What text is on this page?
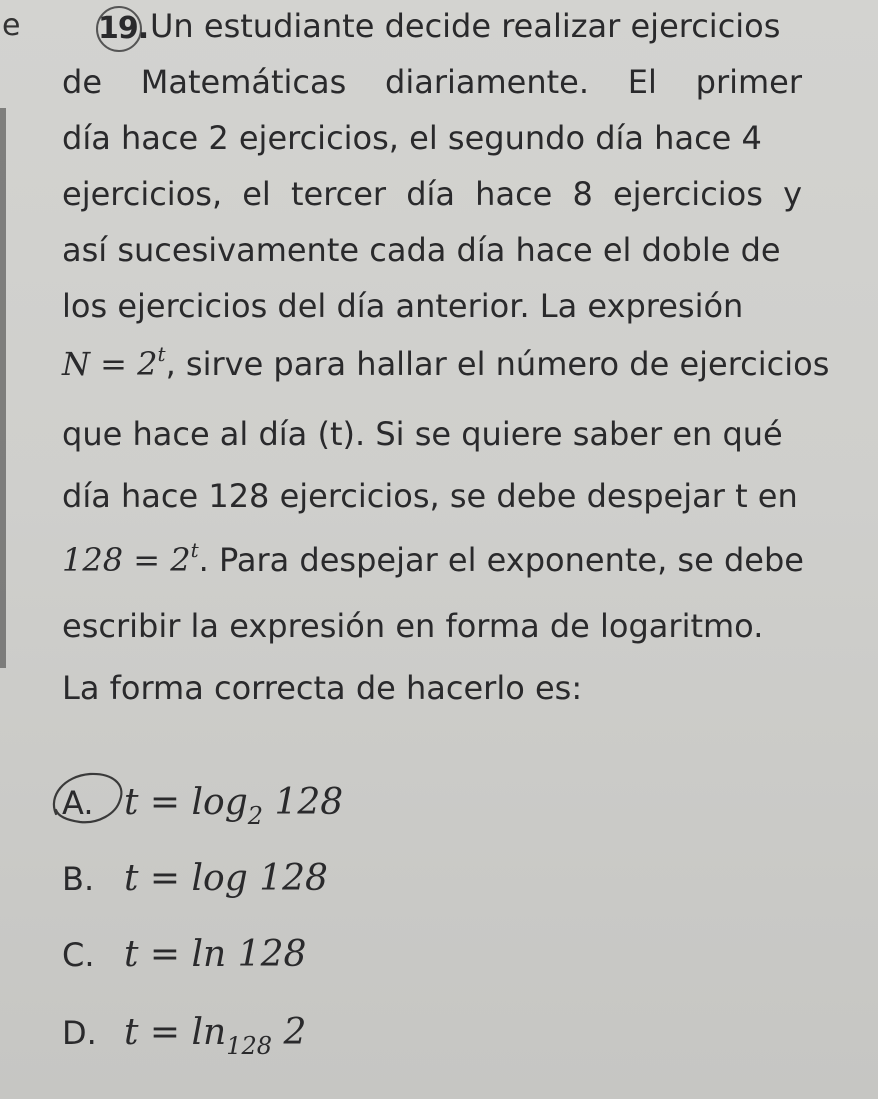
e	19. Un estudiante decide realizar ejercicios
de Matemáticas diariamente. El primer
día hace 2 ejercicios, el segundo día hace 4
ejercicios, el tercer día hace 8 ejercicios y
así sucesivamente cada día hace el doble de
los ejercicios del día anterior. La expresión
$N = 2^t$, sirve para hallar el número de ejercicios
que hace al día (t). Si se quiere saber en qué
día hace 128 ejercicios, se debe despejar t en
$128 = 2^t$. Para despejar el exponente, se debe
escribir la expresión en forma de logaritmo.
La forma correcta de hacerlo es:
A. $t = \log_2 128$
B. t = log 128
C. t = ln 128
D. $t = \ln_{128} 2$
